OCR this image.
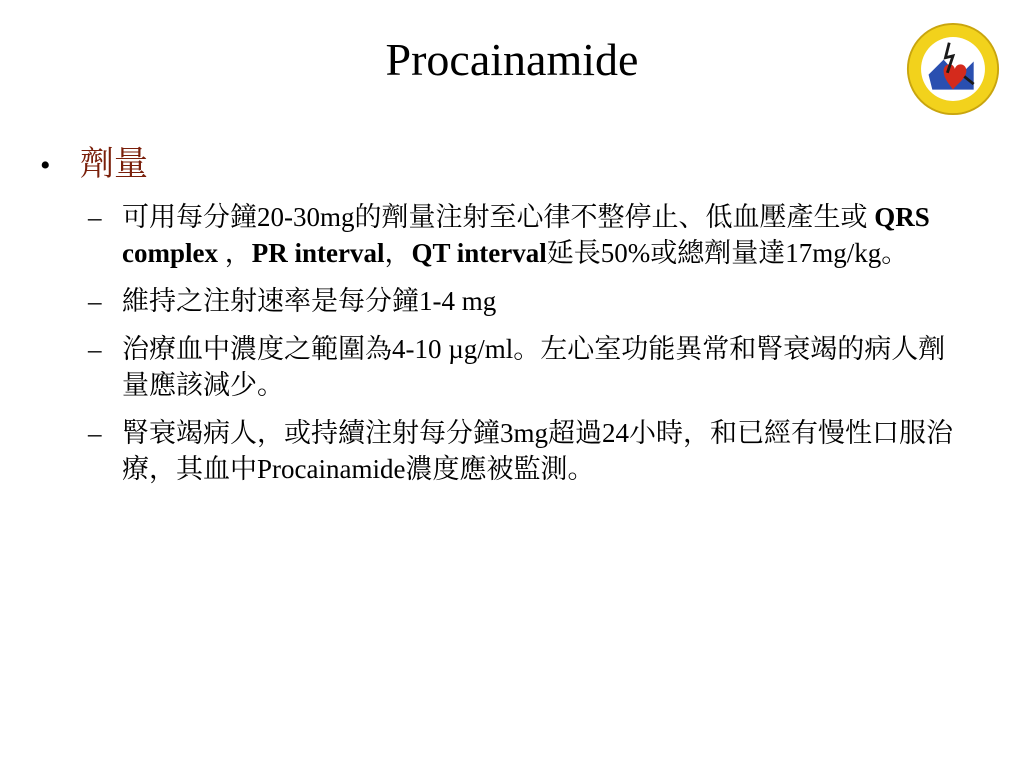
Procainamide
• 劑量
– 可用每分鐘20-30mg的劑量注射至心律不整停止、低血壓產生或 QRS complex ，PR interval，QT interval延長50%或總劑量達17mg/kg。
– 維持之注射速率是每分鐘1-4 mg
– 治療血中濃度之範圍為4-10 µg/ml。左心室功能異常和腎衰竭的病人劑量應該減少。
– 腎衰竭病人，或持續注射每分鐘3mg超過24小時，和已經有慢性口服治療，其血中Procainamide濃度應被監測。
